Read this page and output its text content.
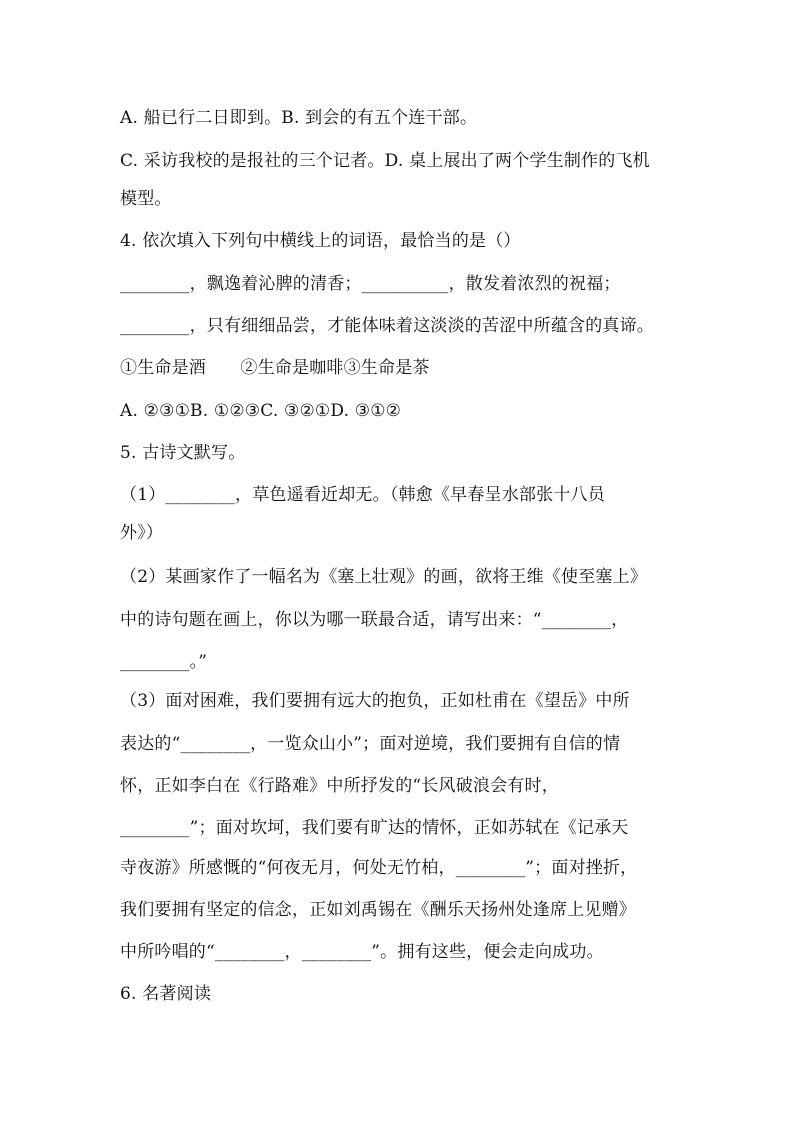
A. 船已行二日即到。B. 到会的有五个连干部。
C. 采访我校的是报社的三个记者。D. 桌上展出了两个学生制作的飞机
模型。
4. 依次填入下列句中横线上的词语，最恰当的是（）
________，飘逸着沁脾的清香；__________，散发着浓烈的祝福；
________，只有细细品尝，才能体味着这淡淡的苦涩中所蕴含的真谛。
①生命是酒　　②生命是咖啡③生命是茶
A. ②③①B. ①②③C. ③②①D. ③①②
5. 古诗文默写。
（1）________，草色遥看近却无。（韩愈《早春呈水部张十八员
外》）
（2）某画家作了一幅名为《塞上壮观》的画，欲将王维《使至塞上》
中的诗句题在画上，你以为哪一联最合适，请写出来：“________，
________。”
（3）面对困难，我们要拥有远大的抱负，正如杜甫在《望岳》中所
表达的“________，一览众山小”；面对逆境，我们要拥有自信的情
怀，正如李白在《行路难》中所抒发的“长风破浪会有时，
________”；面对坎坷，我们要有旷达的情怀，正如苏轼在《记承天
寺夜游》所感慨的“何夜无月，何处无竹柏，________”；面对挫折，
我们要拥有坚定的信念，正如刘禹锡在《酬乐天扬州处逢席上见赠》
中所吟唱的“________，________”。拥有这些，便会走向成功。
6. 名著阅读
